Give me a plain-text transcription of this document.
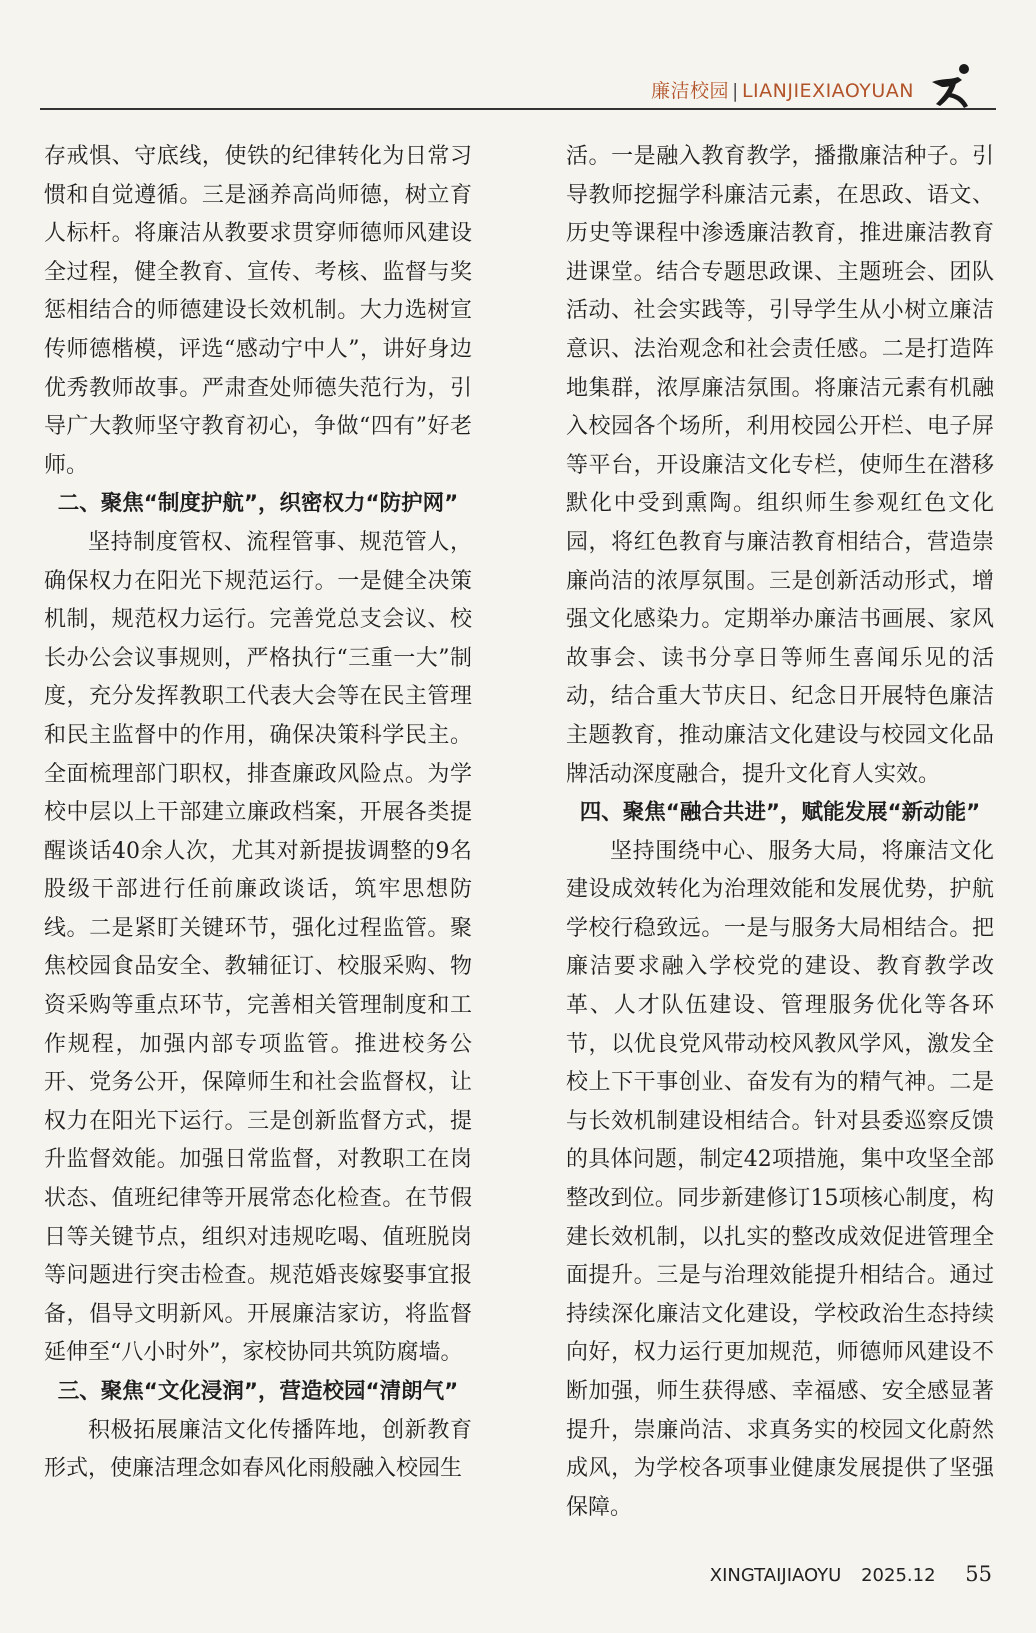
廉洁校园 | LIANJIEXIAOYUAN

存戒惧、守底线，使铁的纪律转化为日常习惯和自觉遵循。三是涵养高尚师德，树立育人标杆。将廉洁从教要求贯穿师德师风建设全过程，健全教育、宣传、考核、监督与奖惩相结合的师德建设长效机制。大力选树宣传师德楷模，评选“感动宁中人”，讲好身边优秀教师故事。严肃查处师德失范行为，引导广大教师坚守教育初心，争做“四有”好老师。

二、聚焦“制度护航”，织密权力“防护网”

坚持制度管权、流程管事、规范管人，确保权力在阳光下规范运行。一是健全决策机制，规范权力运行。完善党总支会议、校长办公会议事规则，严格执行“三重一大”制度，充分发挥教职工代表大会等在民主管理和民主监督中的作用，确保决策科学民主。全面梳理部门职权，排查廉政风险点。为学校中层以上干部建立廉政档案，开展各类提醒谈话40余人次，尤其对新提拔调整的9名股级干部进行任前廉政谈话，筑牢思想防线。二是紧盯关键环节，强化过程监管。聚焦校园食品安全、教辅征订、校服采购、物资采购等重点环节，完善相关管理制度和工作规程，加强内部专项监管。推进校务公开、党务公开，保障师生和社会监督权，让权力在阳光下运行。三是创新监督方式，提升监督效能。加强日常监督，对教职工在岗状态、值班纪律等开展常态化检查。在节假日等关键节点，组织对违规吃喝、值班脱岗等问题进行突击检查。规范婚丧嫁娶事宜报备，倡导文明新风。开展廉洁家访，将监督延伸至“八小时外”，家校协同共筑防腐墙。

三、聚焦“文化浸润”，营造校园“清朗气”

积极拓展廉洁文化传播阵地，创新教育形式，使廉洁理念如春风化雨般融入校园生

活。一是融入教育教学，播撒廉洁种子。引导教师挖掘学科廉洁元素，在思政、语文、历史等课程中渗透廉洁教育，推进廉洁教育进课堂。结合专题思政课、主题班会、团队活动、社会实践等，引导学生从小树立廉洁意识、法治观念和社会责任感。二是打造阵地集群，浓厚廉洁氛围。将廉洁元素有机融入校园各个场所，利用校园公开栏、电子屏等平台，开设廉洁文化专栏，使师生在潜移默化中受到熏陶。组织师生参观红色文化园，将红色教育与廉洁教育相结合，营造崇廉尚洁的浓厚氛围。三是创新活动形式，增强文化感染力。定期举办廉洁书画展、家风故事会、读书分享日等师生喜闻乐见的活动，结合重大节庆日、纪念日开展特色廉洁主题教育，推动廉洁文化建设与校园文化品牌活动深度融合，提升文化育人实效。

四、聚焦“融合共进”，赋能发展“新动能”

坚持围绕中心、服务大局，将廉洁文化建设成效转化为治理效能和发展优势，护航学校行稳致远。一是与服务大局相结合。把廉洁要求融入学校党的建设、教育教学改革、人才队伍建设、管理服务优化等各环节，以优良党风带动校风教风学风，激发全校上下干事创业、奋发有为的精气神。二是与长效机制建设相结合。针对县委巡察反馈的具体问题，制定42项措施，集中攻坚全部整改到位。同步新建修订15项核心制度，构建长效机制，以扎实的整改成效促进管理全面提升。三是与治理效能提升相结合。通过持续深化廉洁文化建设，学校政治生态持续向好，权力运行更加规范，师德师风建设不断加强，师生获得感、幸福感、安全感显著提升，崇廉尚洁、求真务实的校园文化蔚然成风，为学校各项事业健康发展提供了坚强保障。

XINGTAIJIAOYU 2025.12 55
